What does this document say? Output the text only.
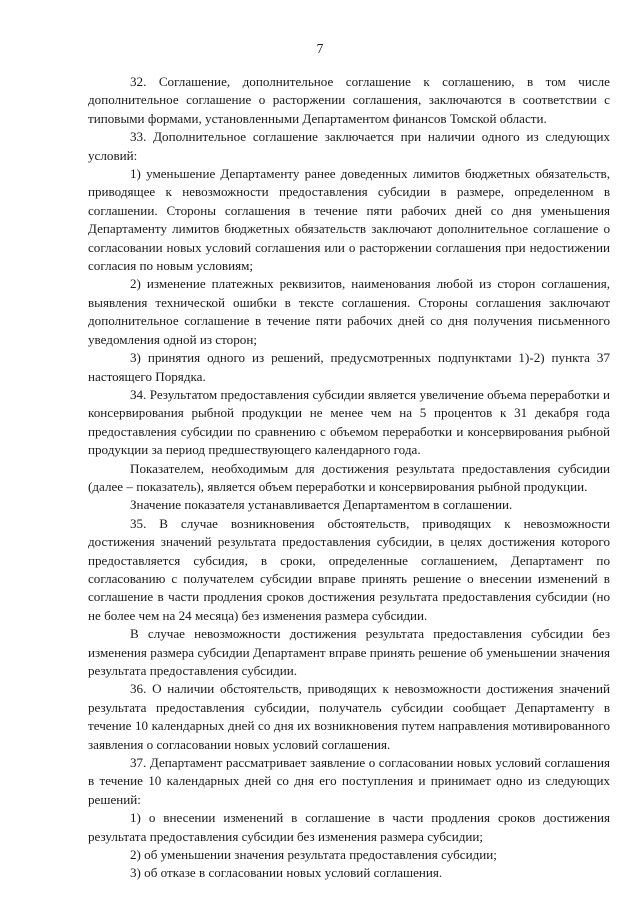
7

32. Соглашение, дополнительное соглашение к соглашению, в том числе дополнительное соглашение о расторжении соглашения, заключаются в соответствии с типовыми формами, установленными Департаментом финансов Томской области.

33. Дополнительное соглашение заключается при наличии одного из следующих условий:

1) уменьшение Департаменту ранее доведенных лимитов бюджетных обязательств, приводящее к невозможности предоставления субсидии в размере, определенном в соглашении. Стороны соглашения в течение пяти рабочих дней со дня уменьшения Департаменту лимитов бюджетных обязательств заключают дополнительное соглашение о согласовании новых условий соглашения или о расторжении соглашения при недостижении согласия по новым условиям;

2) изменение платежных реквизитов, наименования любой из сторон соглашения, выявления технической ошибки в тексте соглашения. Стороны соглашения заключают дополнительное соглашение в течение пяти рабочих дней со дня получения письменного уведомления одной из сторон;

3) принятия одного из решений, предусмотренных подпунктами 1)-2) пункта 37 настоящего Порядка.

34. Результатом предоставления субсидии является увеличение объема переработки и консервирования рыбной продукции не менее чем на 5 процентов к 31 декабря года предоставления субсидии по сравнению с объемом переработки и консервирования рыбной продукции за период предшествующего календарного года.

Показателем, необходимым для достижения результата предоставления субсидии (далее – показатель), является объем переработки и консервирования рыбной продукции.

Значение показателя устанавливается Департаментом в соглашении.

35. В случае возникновения обстоятельств, приводящих к невозможности достижения значений результата предоставления субсидии, в целях достижения которого предоставляется субсидия, в сроки, определенные соглашением, Департамент по согласованию с получателем субсидии вправе принять решение о внесении изменений в соглашение в части продления сроков достижения результата предоставления субсидии (но не более чем на 24 месяца) без изменения размера субсидии.

В случае невозможности достижения результата предоставления субсидии без изменения размера субсидии Департамент вправе принять решение об уменьшении значения результата предоставления субсидии.

36. О наличии обстоятельств, приводящих к невозможности достижения значений результата предоставления субсидии, получатель субсидии сообщает Департаменту в течение 10 календарных дней со дня их возникновения путем направления мотивированного заявления о согласовании новых условий соглашения.

37. Департамент рассматривает заявление о согласовании новых условий соглашения в течение 10 календарных дней со дня его поступления и принимает одно из следующих решений:

1) о внесении изменений в соглашение в части продления сроков достижения результата предоставления субсидии без изменения размера субсидии;

2) об уменьшении значения результата предоставления субсидии;

3) об отказе в согласовании новых условий соглашения.
